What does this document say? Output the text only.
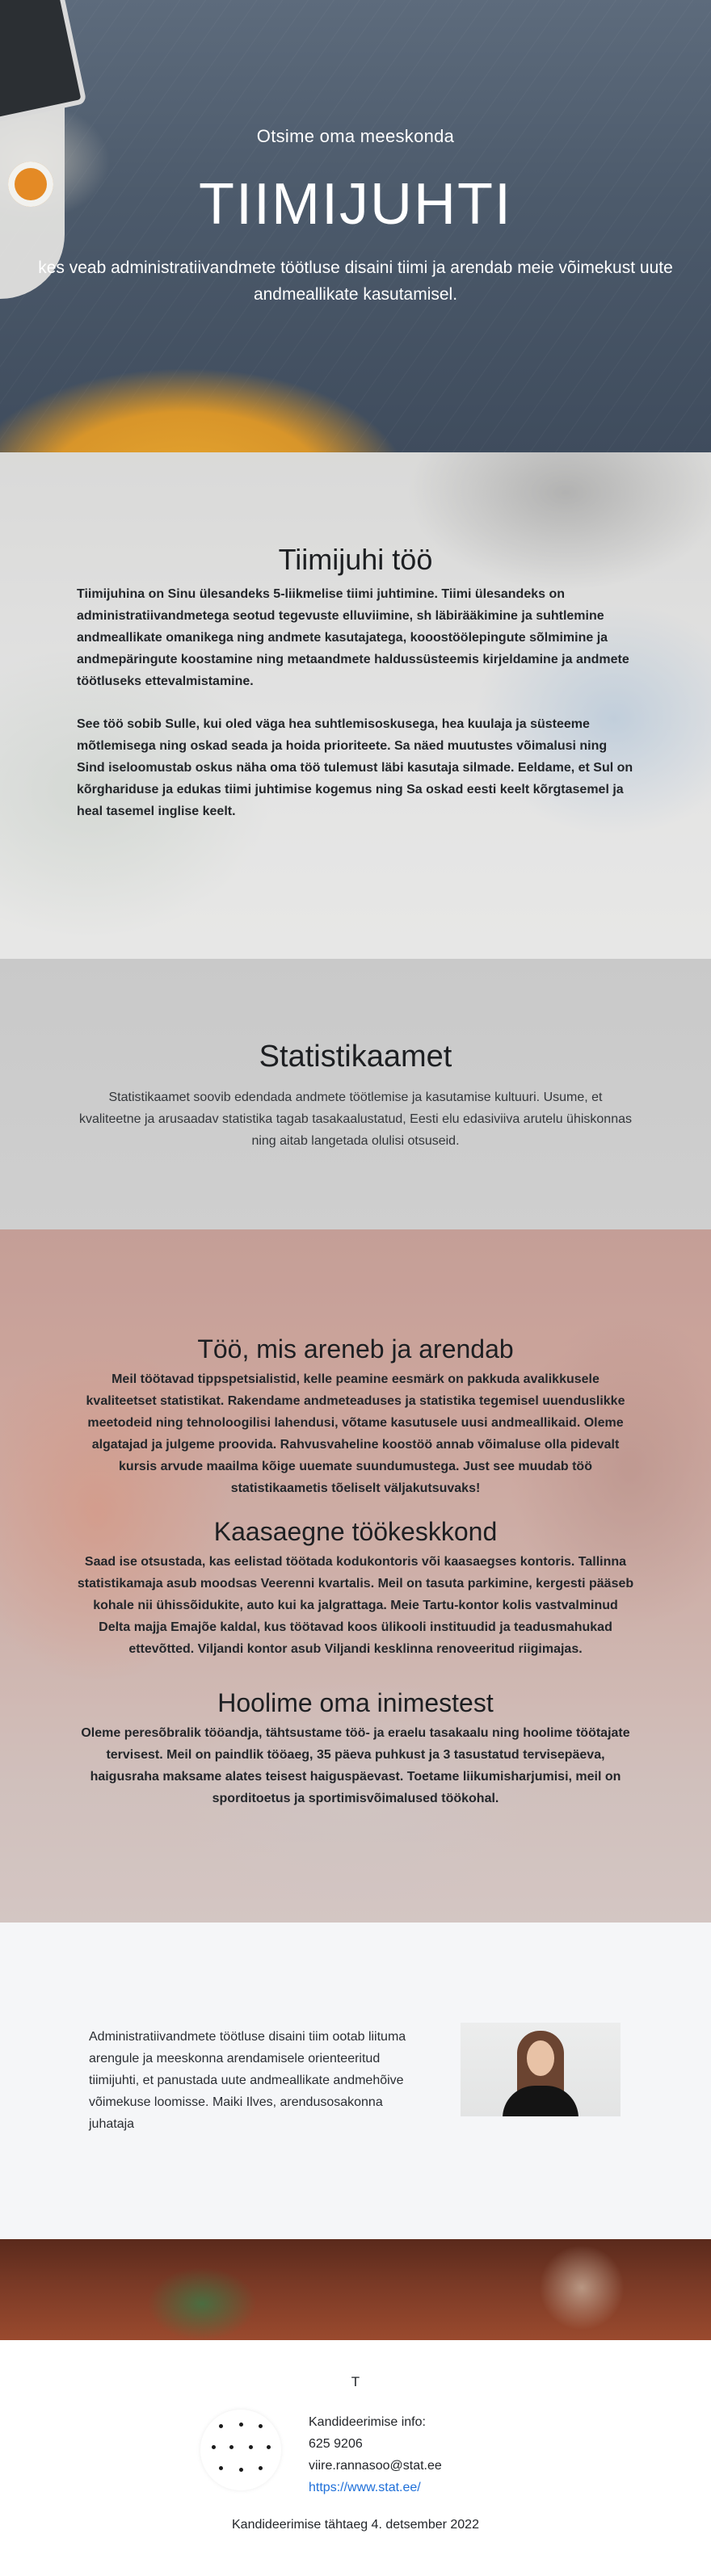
Otsime oma meeskonda
TIIMIJUHTI
kes veab administratiivandmete töötluse disaini tiimi ja arendab meie võimekust uute
andmeallikate kasutamisel.
Tiimijuhi töö

Tiimijuhina on Sinu ülesandeks 5-liikmelise tiimi juhtimine. Tiimi ülesandeks on administratiivandmetega seotud tegevuste elluviimine, sh läbirääkimine ja suhtlemine andmeallikate omanikega ning andmete kasutajatega, kooostöölepingute sõlmimine ja andmepäringute koostamine ning metaandmete haldussüsteemis kirjeldamine ja andmete töötluseks ettevalmistamine.

See töö sobib Sulle, kui oled väga hea suhtlemisoskusega, hea kuulaja ja süsteeme mõtlemisega ning oskad seada ja hoida prioriteete. Sa näed muutustes võimalusi ning Sind iseloomustab oskus näha oma töö tulemust läbi kasutaja silmade. Eeldame, et Sul on kõrghariduse ja edukas tiimi juhtimise kogemus ning Sa oskad eesti keelt kõrgtasemel ja heal tasemel inglise keelt.

Statistikaamet
Statistikaamet soovib edendada andmete töötlemise ja kasutamise kultuuri. Usume, et kvaliteetne ja arusaadav statistika tagab tasakaalustatud, Eesti elu edasiviiva arutelu ühiskonnas ning aitab langetada olulisi otsuseid.
Töö, mis areneb ja arendab

Meil töötavad tippspetsialistid, kelle peamine eesmärk on pakkuda avalikkusele kvaliteetset statistikat. Rakendame andmeteaduses ja statistika tegemisel uuenduslikke meetodeid ning tehnoloogilisi lahendusi, võtame kasutusele uusi andmeallikaid. Oleme algatajad ja julgeme proovida. Rahvusvaheline koostöö annab võimaluse olla pidevalt kursis arvude maailma kõige uuemate suundumustega. Just see muudab töö statistikaametis tõeliselt väljakutsuvaks!

Kaasaegne töökeskkond

Saad ise otsustada, kas eelistad töötada kodukontoris või kaasaegses kontoris. Tallinna statistikamaja asub moodsas Veerenni kvartalis. Meil on tasuta parkimine, kergesti pääseb kohale nii ühissõidukite, auto kui ka jalgrattaga. Meie Tartu-kontor kolis vastvalminud Delta majja Emajõe kaldal, kus töötavad koos ülikooli instituudid ja teadusmahukad ettevõtted. Viljandi kontor asub Viljandi kesklinna renoveeritud riigimajas.

Hoolime oma inimestest

Oleme peresõbralik tööandja, tähtsustame töö- ja eraelu tasakaalu ning hoolime töötajate tervisest. Meil on paindlik tööaeg, 35 päeva puhkust ja 3 tasustatud tervisepäeva, haigusraha maksame alates teisest haiguspäevast. Toetame liikumisharjumisi, meil on sporditoetus ja sportimisvõimalused töökohal.

Administratiivandmete töötluse disaini tiim ootab liituma arengule ja meeskonna arendamisele orienteeritud tiimijuhti, et panustada uute andmeallikate andmehõive võimekuse loomisse. Maiki Ilves, arendusosakonna juhataja
T
Kandideerimise info:
625 9206
viire.rannasoo@stat.ee
https://www.stat.ee/
Kandideerimise tähtaeg 4. detsember 2022
